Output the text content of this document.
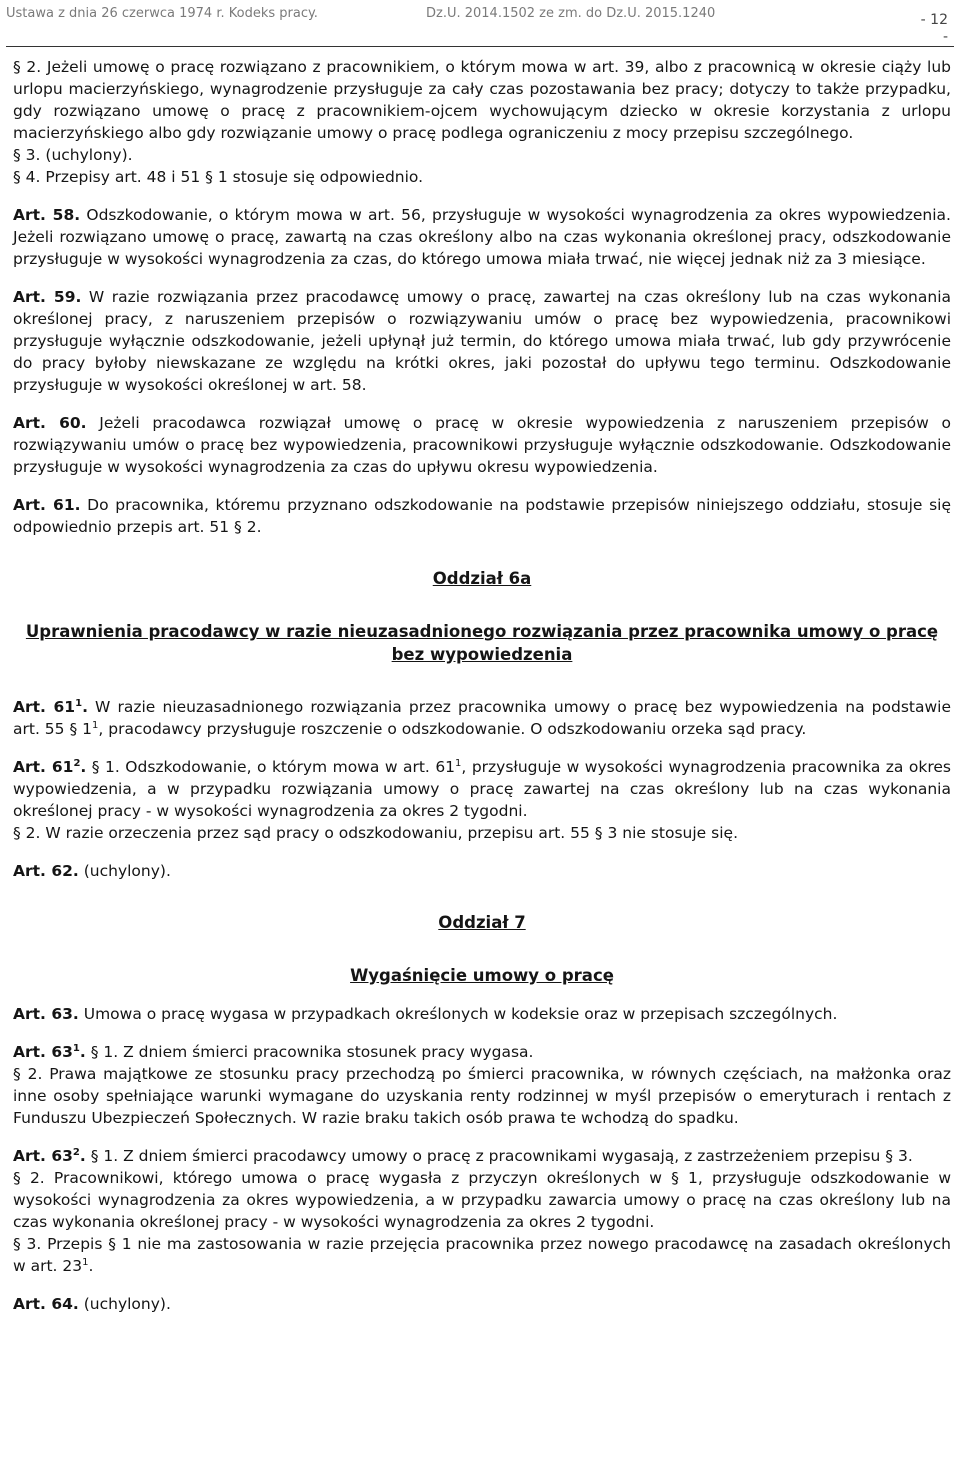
Ustawa z dnia 26 czerwca 1974 r. Kodeks pracy.	Dz.U. 2014.1502 ze zm. do Dz.U. 2015.1240	- 12
-

§ 2. Jeżeli umowę o pracę rozwiązano z pracownikiem, o którym mowa w art. 39, albo z pracownicą w okresie ciąży lub urlopu macierzyńskiego, wynagrodzenie przysługuje za cały czas pozostawania bez pracy; dotyczy to także przypadku, gdy rozwiązano umowę o pracę z pracownikiem-ojcem wychowującym dziecko w okresie korzystania z urlopu macierzyńskiego albo gdy rozwiązanie umowy o pracę podlega ograniczeniu z mocy przepisu szczególnego.

§ 3. (uchylony).

§ 4. Przepisy art. 48 i 51 § 1 stosuje się odpowiednio.

Art. 58. Odszkodowanie, o którym mowa w art. 56, przysługuje w wysokości wynagrodzenia za okres wypowiedzenia. Jeżeli rozwiązano umowę o pracę, zawartą na czas określony albo na czas wykonania określonej pracy, odszkodowanie przysługuje w wysokości wynagrodzenia za czas, do którego umowa miała trwać, nie więcej jednak niż za 3 miesiące.

Art. 59. W razie rozwiązania przez pracodawcę umowy o pracę, zawartej na czas określony lub na czas wykonania określonej pracy, z naruszeniem przepisów o rozwiązywaniu umów o pracę bez wypowiedzenia, pracownikowi przysługuje wyłącznie odszkodowanie, jeżeli upłynął już termin, do którego umowa miała trwać, lub gdy przywrócenie do pracy byłoby niewskazane ze względu na krótki okres, jaki pozostał do upływu tego terminu. Odszkodowanie przysługuje w wysokości określonej w art. 58.

Art. 60. Jeżeli pracodawca rozwiązał umowę o pracę w okresie wypowiedzenia z naruszeniem przepisów o rozwiązywaniu umów o pracę bez wypowiedzenia, pracownikowi przysługuje wyłącznie odszkodowanie. Odszkodowanie przysługuje w wysokości wynagrodzenia za czas do upływu okresu wypowiedzenia.

Art. 61. Do pracownika, któremu przyznano odszkodowanie na podstawie przepisów niniejszego oddziału, stosuje się odpowiednio przepis art. 51 § 2.

Oddział 6a

Uprawnienia pracodawcy w razie nieuzasadnionego rozwiązania przez pracownika umowy o pracę bez wypowiedzenia

Art. $61^1$. W razie nieuzasadnionego rozwiązania przez pracownika umowy o pracę bez wypowiedzenia na podstawie art. 55 § $1^1$, pracodawcy przysługuje roszczenie o odszkodowanie. O odszkodowaniu orzeka sąd pracy.

Art. $61^2$. § 1. Odszkodowanie, o którym mowa w art. $61^1$, przysługuje w wysokości wynagrodzenia pracownika za okres wypowiedzenia, a w przypadku rozwiązania umowy o pracę zawartej na czas określony lub na czas wykonania określonej pracy - w wysokości wynagrodzenia za okres 2 tygodni.

§ 2. W razie orzeczenia przez sąd pracy o odszkodowaniu, przepisu art. 55 § 3 nie stosuje się.

Art. 62. (uchylony).

Oddział 7

Wygaśnięcie umowy o pracę

Art. 63. Umowa o pracę wygasa w przypadkach określonych w kodeksie oraz w przepisach szczególnych.

Art. $63^1$. § 1. Z dniem śmierci pracownika stosunek pracy wygasa.

§ 2. Prawa majątkowe ze stosunku pracy przechodzą po śmierci pracownika, w równych częściach, na małżonka oraz inne osoby spełniające warunki wymagane do uzyskania renty rodzinnej w myśl przepisów o emeryturach i rentach z Funduszu Ubezpieczeń Społecznych. W razie braku takich osób prawa te wchodzą do spadku.

Art. $63^2$. § 1. Z dniem śmierci pracodawcy umowy o pracę z pracownikami wygasają, z zastrzeżeniem przepisu § 3.

§ 2. Pracownikowi, którego umowa o pracę wygasła z przyczyn określonych w § 1, przysługuje odszkodowanie w wysokości wynagrodzenia za okres wypowiedzenia, a w przypadku zawarcia umowy o pracę na czas określony lub na czas wykonania określonej pracy - w wysokości wynagrodzenia za okres 2 tygodni.

§ 3. Przepis § 1 nie ma zastosowania w razie przejęcia pracownika przez nowego pracodawcę na zasadach określonych w art. $23^1$.

Art. 64. (uchylony).
